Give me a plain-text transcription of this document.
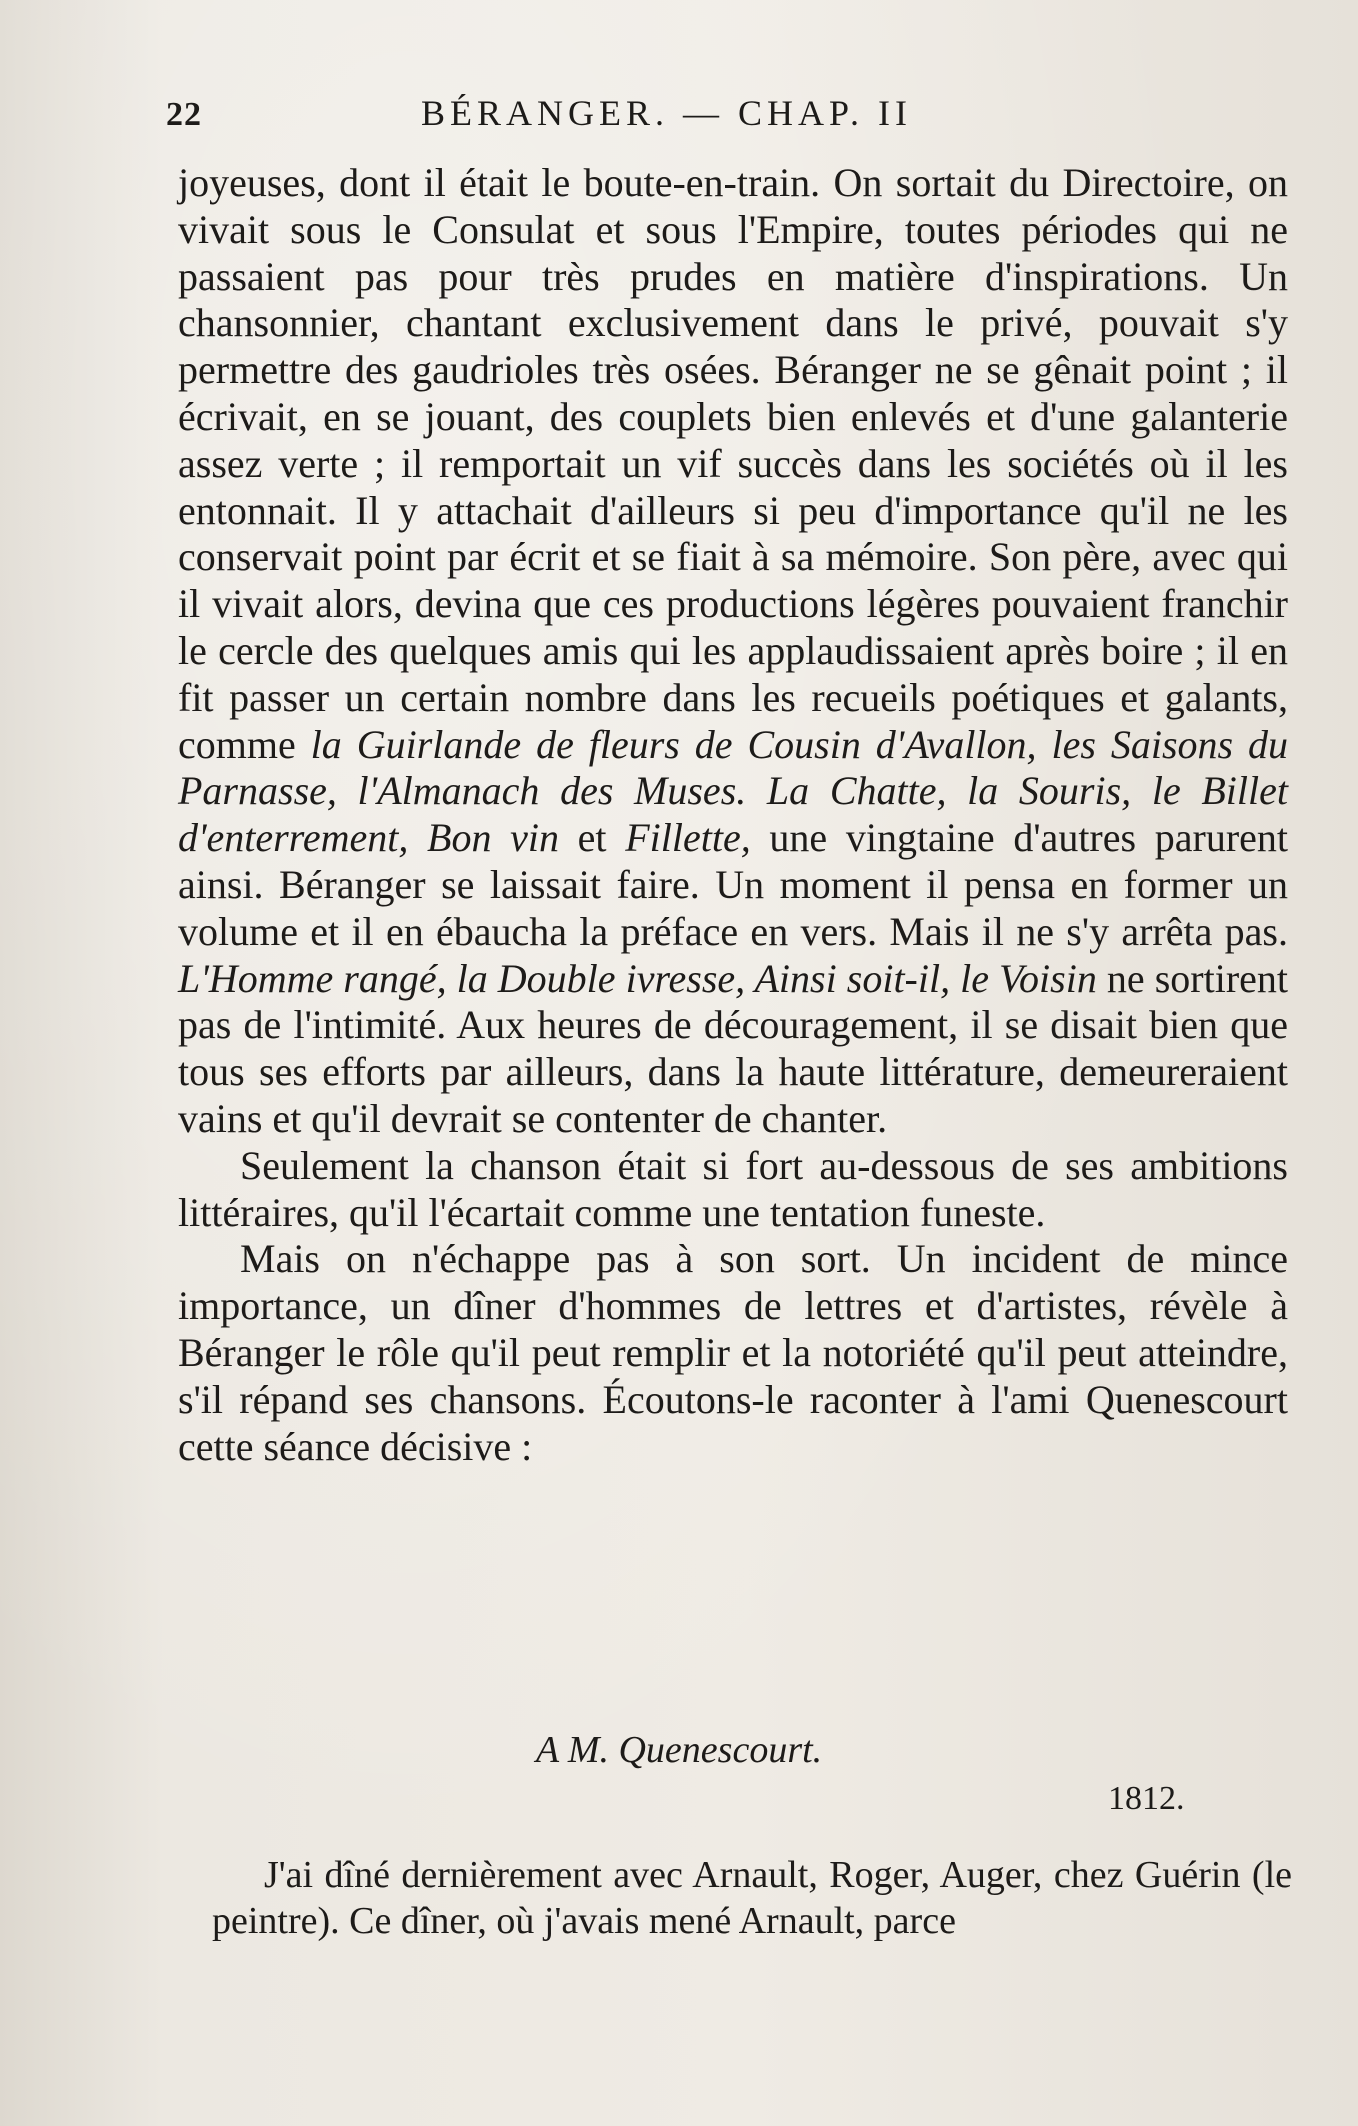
22	BÉRANGER. — CHAP. II

joyeuses, dont il était le boute-en-train. On sortait du Directoire, on vivait sous le Consulat et sous l'Empire, toutes périodes qui ne passaient pas pour très prudes en matière d'inspirations. Un chansonnier, chantant exclusivement dans le privé, pouvait s'y permettre des gaudrioles très osées. Béranger ne se gênait point ; il écrivait, en se jouant, des couplets bien enlevés et d'une galanterie assez verte ; il remportait un vif succès dans les sociétés où il les entonnait. Il y attachait d'ailleurs si peu d'importance qu'il ne les conservait point par écrit et se fiait à sa mémoire. Son père, avec qui il vivait alors, devina que ces productions légères pouvaient franchir le cercle des quelques amis qui les applaudissaient après boire ; il en fit passer un certain nombre dans les recueils poétiques et galants, comme la Guirlande de fleurs de Cousin d'Avallon, les Saisons du Parnasse, l'Almanach des Muses. La Chatte, la Souris, le Billet d'enterrement, Bon vin et Fillette, une vingtaine d'autres parurent ainsi. Béranger se laissait faire. Un moment il pensa en former un volume et il en ébaucha la préface en vers. Mais il ne s'y arrêta pas. L'Homme rangé, la Double ivresse, Ainsi soit-il, le Voisin ne sortirent pas de l'intimité. Aux heures de découragement, il se disait bien que tous ses efforts par ailleurs, dans la haute littérature, demeureraient vains et qu'il devrait se contenter de chanter.

Seulement la chanson était si fort au-dessous de ses ambitions littéraires, qu'il l'écartait comme une tentation funeste.

Mais on n'échappe pas à son sort. Un incident de mince importance, un dîner d'hommes de lettres et d'artistes, révèle à Béranger le rôle qu'il peut remplir et la notoriété qu'il peut atteindre, s'il répand ses chansons. Écoutons-le raconter à l'ami Quenescourt cette séance décisive :

A M. Quenescourt.
1812.

J'ai dîné dernièrement avec Arnault, Roger, Auger, chez Guérin (le peintre). Ce dîner, où j'avais mené Arnault, parce
